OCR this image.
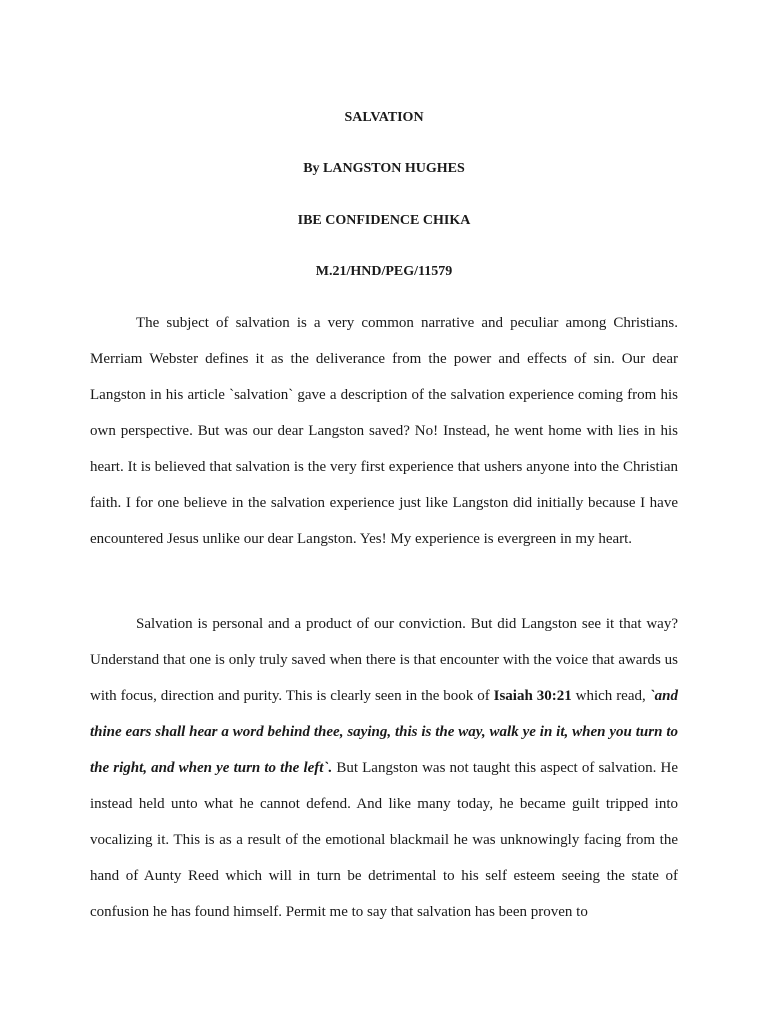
SALVATION

By LANGSTON HUGHES

IBE CONFIDENCE CHIKA

M.21/HND/PEG/11579

The subject of salvation is a very common narrative and peculiar among Christians. Merriam Webster defines it as the deliverance from the power and effects of sin. Our dear Langston in his article `salvation` gave a description of the salvation experience coming from his own perspective. But was our dear Langston saved? No! Instead, he went home with lies in his heart. It is believed that salvation is the very first experience that ushers anyone into the Christian faith. I for one believe in the salvation experience just like Langston did initially because I have encountered Jesus unlike our dear Langston. Yes! My experience is evergreen in my heart.

Salvation is personal and a product of our conviction. But did Langston see it that way? Understand that one is only truly saved when there is that encounter with the voice that awards us with focus, direction and purity. This is clearly seen in the book of Isaiah 30:21 which read, `and thine ears shall hear a word behind thee, saying, this is the way, walk ye in it, when you turn to the right, and when ye turn to the left`. But Langston was not taught this aspect of salvation. He instead held unto what he cannot defend. And like many today, he became guilt tripped into vocalizing it. This is as a result of the emotional blackmail he was unknowingly facing from the hand of Aunty Reed which will in turn be detrimental to his self esteem seeing the state of confusion he has found himself. Permit me to say that salvation has been proven to
